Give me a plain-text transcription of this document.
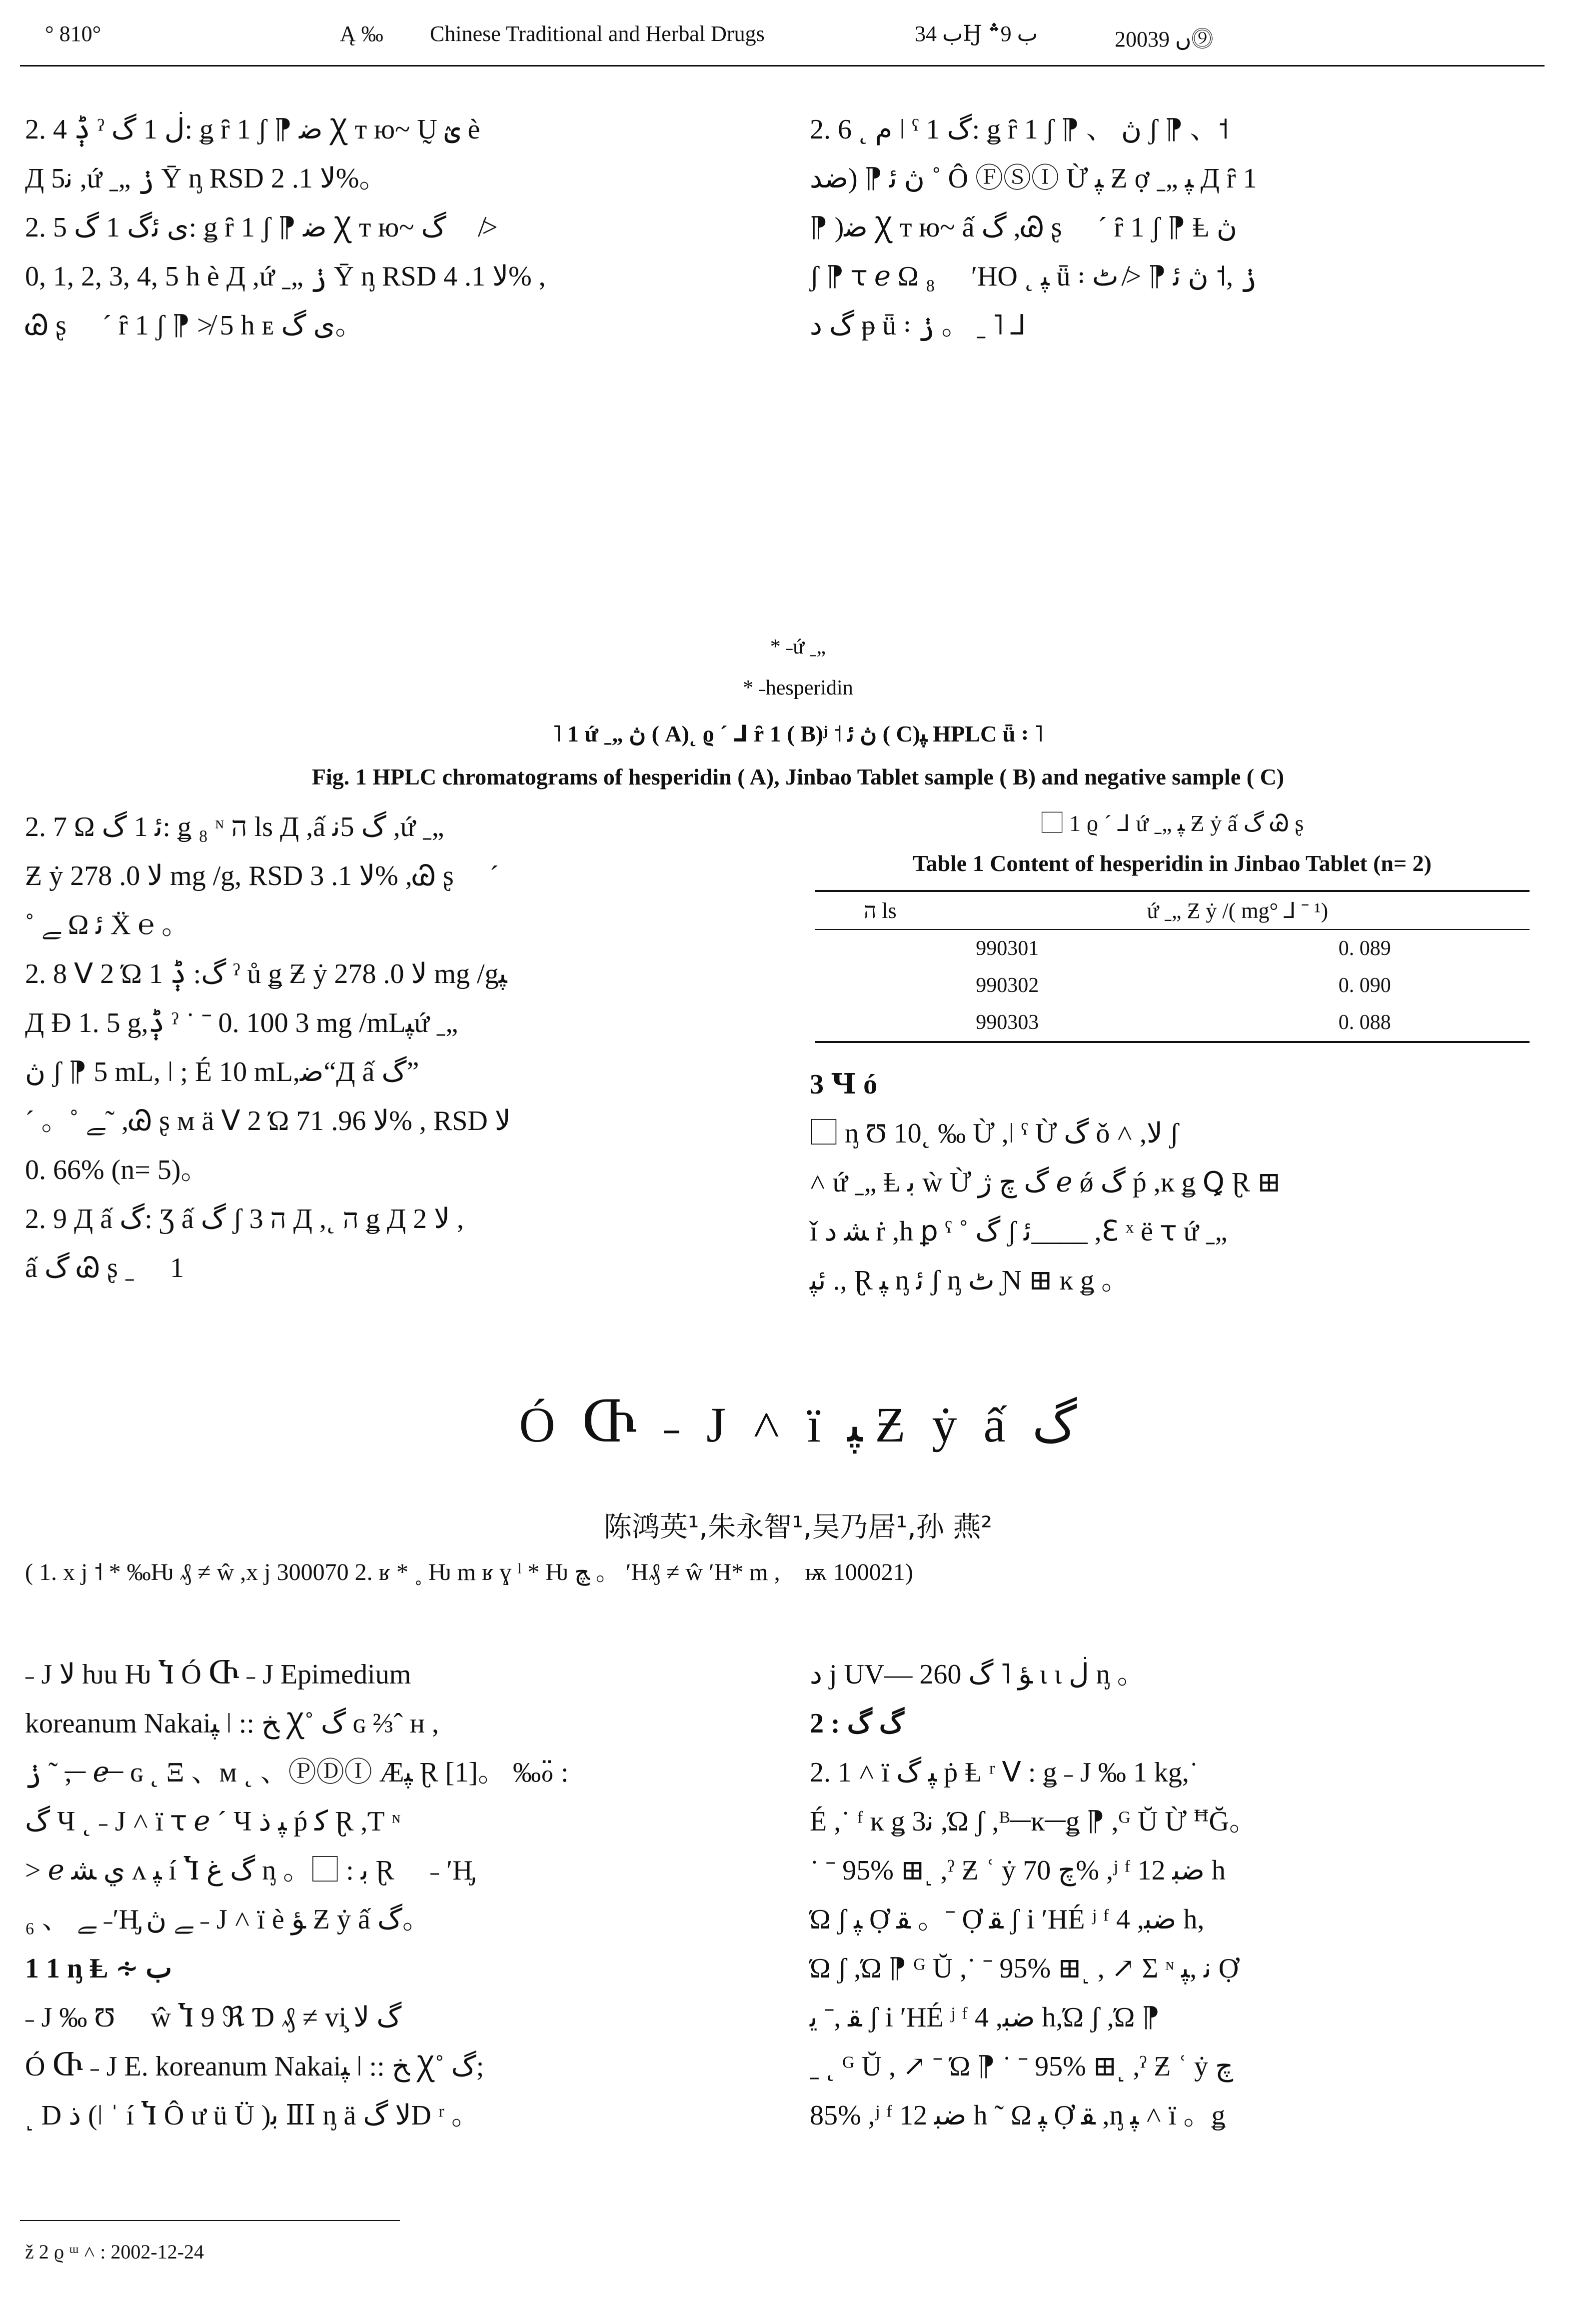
° 810°	Ą ‰ Chinese Traditional and Herbal Drugs	ﺏ 34Ꜧ ﺏ 9؞	2003ں 9⓽
2. 4 ݙ ˀ ڶ 1 ﮒ: ǥ ȓ 1 ʃ ⁋ ﺿ Ꭓ т ю~ Ṵ ؽ è
Д 5ﻧ ,ứ ˍ„ ݫ Ȳ ᶇ RSD ﻻ 1. 2%。
2. 5 ﻯ ﺋﮒ 1 ﮒ: ǥ ȓ 1 ʃ ⁋ ﺿ Ꭓ т ю~ ﮒ ⃞ ≯
0, 1, 2, 3, 4, 5 h è Д ,ứ ˍ„ ݫ Ȳ ᶇ RSD ﻻ 1. 4% ,
Ꮚ ʂ ⃞ ˊ ȓ 1 ʃ ⁋ ≯ 5 h ᴇ ﻯ ﮒ。
2. 6 ˛ ﻡ ǀ ˤ 1 ﮒ: ǥ ȓ 1 ʃ ⁋ 、 ڽ ʃ ⁋ 、˦
ڽ ﺋ ⁋ (ﺿﺪ ˚ Ô ⒻⓈⒾ Ừ ﭙ Ƶ ợ ˍ„ ﭙ Д ȓ 1
⁋ )ﺿ Ꭓ т ю~ ấ ﮒ ,Ꮚ ʂ ⃞ ˊ ȓ 1 ʃ ⁋ Ⱡ ڽ
ʃ ⁋ ꚍ ℯ Ω ₈ ⃞ ʹHО ˛ ﭙ ǖ ꞉ ݫ ,˦ ڽ ﺋ ⁋ ≯ ﭦ
ﮒ ﺩ ᵽ ǖ ꞉ ݫ 。 ˍ ˥ ⅃
* ˗ứ ˍ„
* ˗hesperidin
˥ 1 ứ ˍ„ ڽ ( A)˛ ϱ ˊ ⅃ ȓ 1 ( B)ʲ ˦ ڽ ﺋ ( C)ﭙ HPLC ǖ ꞉ ˥
Fig. 1 HPLC chromatograms of hesperidin ( A), Jinbao Tablet sample ( B) and negative sample ( C)
2. 7 Ω ﺋ 1 ﮒ: ǥ ₈ ᶰ ה ls Д ,ấ ﮒ 5ﻧ ,ứ ˍ„
Ƶ ẏ ﻻ 0. 278 mg /g, RSD ﻻ 1. 3% ,Ꮚ ʂ ⃞ ˊ ⃞
˚ ﮯ Ω ﺋ Ẍ ℮ 。
2. 8 ᐯ 2 Ώ 1 ﮒ: ݙ ˀ ů ǥ Ƶ ẏ ﻻ 0. 278 mg /gﭙ
Д Ɖ 1. 5 g,ݙ ˀ ˙ ˉ 0. 100 3 mg /mLﭙứ ˍ„
ڽ ʃ ⁋ 5 mL, ǀ ; É 10 mL,ﺿ“Д ấ ﮒ”
ˊ 。˚ ﮯ˜ ,Ꮚ ʂ ᴍ ä ᐯ 2 Ώ ﻻ 96. 71% , RSD ﻻ
0. 66% (n= 5)。
2. 9 Д ấ ﮒ: Ʒ ấ ﮒ ʃ 3 ה Д ,˛ ה ǥ Д 2 ﻻ ,
ấ ﮒ Ꮚ ʂ ˍ ⃞ 1
⃞ 1 ϱ ˊ ⅃ ứ ˍ„ ﭙ Ƶ ẏ ấ ﮒ Ꮚ ʂ
Table 1 Content of hesperidin in Jinbao Tablet (n= 2)
ה ls	ứ ˍ„ Ƶ ẏ /( mg° ⅃ ˉ ¹)
990301	0. 089
990302	0. 090
990303	0. 088
3 Ɥ ó
⃞ ᶇ Ʊ 10˛ ‰ Ừ ,ǀ ˤ Ừ ﮒ ǒ ˄ ,ﻻ ʃ
˄ ứ ˍ„ Ⱡ ﺑ ẁ Ừ ﮒ ﭺ ﮊ ℯ ǿ ﮒ ṕ ,ĸ ǥ Ꝗ Ɽ ⊞
ǐ ﺸ ﺩ ṙ ,h ꝑ ˤ ˚ ﮒ ʃ ﺋ____ ,ℇ ˣ ë ꚍ ứ ˍ„
ﺋﭙ ., Ɽ ﭙ ᶇ ﺋ ʃ ᶇ ﭦ Ɲ ⊞ ĸ ǥ 。
Ó Ⴇ ˗ J ˄ ï ﭙ Ƶ ẏ ấ ﮒ
陈鸿英¹,朱永智¹,吴乃居¹,孙 燕²
( 1. x j ˦ * ‰Ƕ ₰ ≠ ŵ ,x j 300070 2. ʁ * ˳ Ƕ m ʁ ɣ ˡ * Ƕ ﭻ 。 ʹH₰ ≠ ŵ ʹH* m ,⃞ ѭ 100021)
˗ J ﻻ ƕu Ƕ Ⴈ Ó Ⴇ ˗ J Epimedium
koreanum Nakaiﭙ ǀ :: ﺦ Ꭓ˚ ﮒ ɢ ⅔ˆ ʜ ,
ݫ ˜ , ̶ ̶ ℯ ̶ ̶ ɢ ˛ Ξ 、ᴍ ˛ 、ⓅⒹⒾ Æﭙ Ɽ [1]。 ‰ℴ̈ :
ﮒ Ч ˛ ˗ J ˄ ï ꚍ ℯ ˊ Ч ﭙ ﺫ ṕ ﻛ Ɽ ,Ƭ ᶰ
> ℯ ﻱ ﺸ ᴧ ﭙ í Ⴈ ﮒ ﻍ ᶇ 。⃞ : ﺑ Ɽ ⃞ ˗ ʹH̡
ﮯ 、 ₆ ˗ʹH̡ ﮯ ڽ ˗ J ˄ ï è ﺆ Ƶ ẏ ấ ﮒ。
1 1 ᶇ Ⱡ ∻ ﺏ
˗ J ‰ Ʊ ⃞ ŵ Ⴈ 9 ℜ Ɗ ₰ ≠ vi̧ ﮒ ﻻ
Ó Ⴇ ˗ J E. koreanum Nakaiﭙ ǀ :: ﺦ Ꭓ˚ ﮒ;
˻ D ﺫ (ǀ ˈ í Ⴈ Ô ư ü Ü )ﺑ ⅡⅠ ᶇ ä ﻻ ﮒD ʳ 。
ﺩ j UV— 260 ﺆ ˥ ﮒ ɩ ɩ ڶ ᶇ 。
2 : ﮒ ﮒ
2. 1 ˄ ï ﭙ ﮒ ṗ Ⱡ ʳ ᐯ : ǥ ˗ J ‰ 1 kg,˙
É ,˙ ᶠ ĸ ǥ 3ﻧ ,Ώ ʃ ,ᴮ ̶ ̶ ĸ ̶ ̶ ǥ ⁋ ,ᴳ Ŭ Ừ ꟸĞ。
˙ ˉ 95% ⊞˻ ,ˀ Ƶ ʿ ẏ ﭺ 70% ,ʲ ᶠ ﺿﺒ 12 h
Ώ ʃ ﭙ Ợ ﻘ 。ˉ Ợ ﻘ ʃ i ʹHÉ ʲ ᶠ ﺿﺒ, 4 h,
Ώ ʃ ,Ώ ⁋ ᴳ Ŭ ,˙ ˉ 95% ⊞˻ , ↗ Σ ᶰ ﻧ ,ﭙ Ợ
ﻘ ,ˉ ﻳ ʃ i ʹHÉ ʲ ᶠ ﺿﺒ, 4 h,Ώ ʃ ,Ώ ⁋
ˍ ˛ ᴳ Ŭ , ↗ ˉ Ώ ⁋ ˙ ˉ 95% ⊞˻ ,ˀ Ƶ ʿ ẏ ﭺ
85% ,ʲ ᶠ ﺿﺒ 12 h ˜ Ω ﭙ Ợ ﻘ ,ᶇ ﭙ ˄ ï 。ǥ
ž 2 ϱ ᵚ ˄ : 2002-12-24
